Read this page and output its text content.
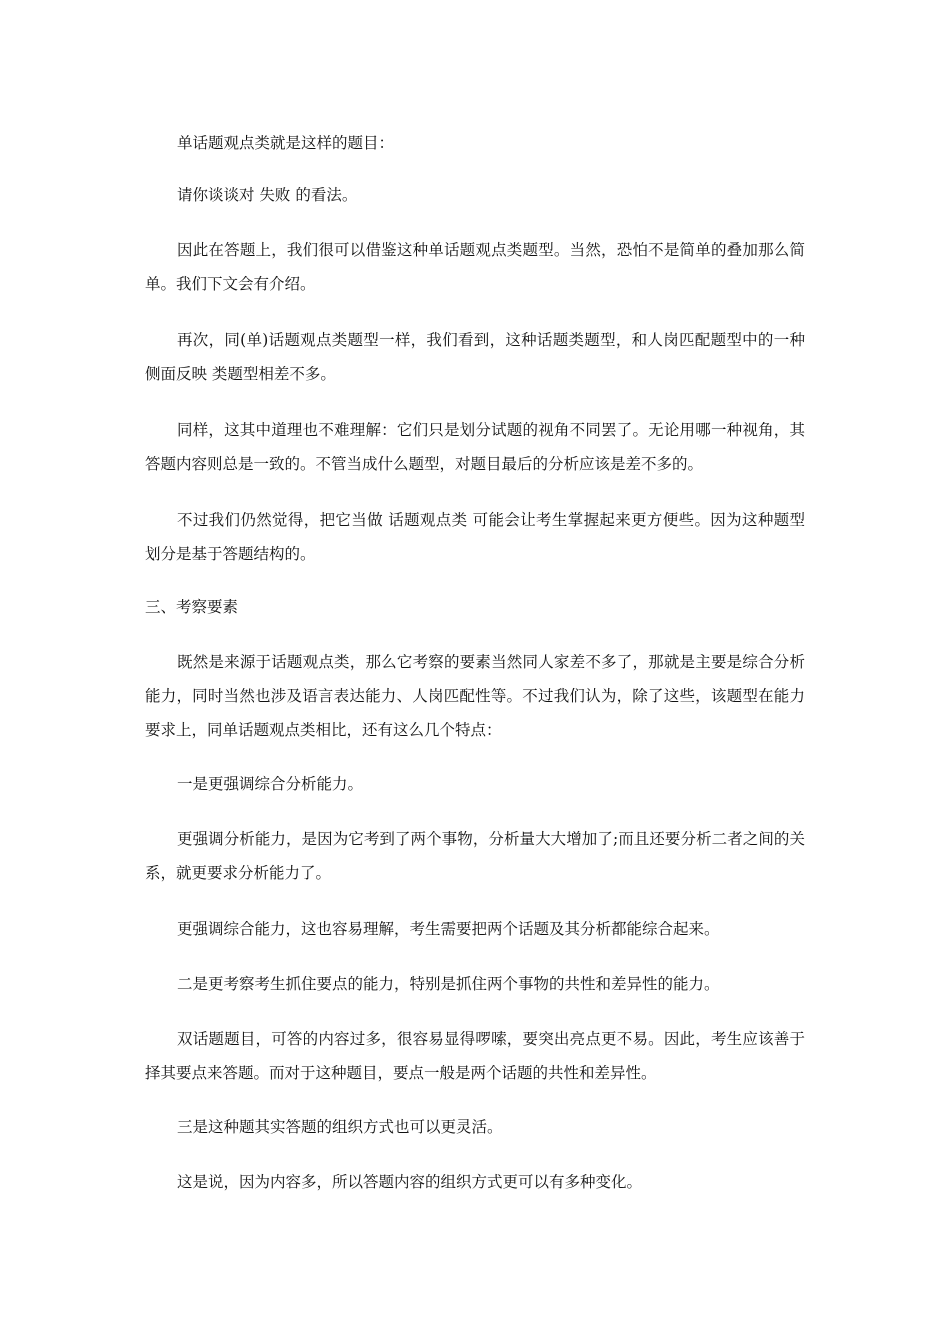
单话题观点类就是这样的题目：

请你谈谈对 失败 的看法。

因此在答题上，我们很可以借鉴这种单话题观点类题型。当然，恐怕不是简单的叠加那么简单。我们下文会有介绍。

再次，同(单)话题观点类题型一样，我们看到，这种话题类题型，和人岗匹配题型中的一种 侧面反映 类题型相差不多。

同样，这其中道理也不难理解：它们只是划分试题的视角不同罢了。无论用哪一种视角，其答题内容则总是一致的。不管当成什么题型，对题目最后的分析应该是差不多的。

不过我们仍然觉得，把它当做 话题观点类 可能会让考生掌握起来更方便些。因为这种题型划分是基于答题结构的。

三、考察要素

既然是来源于话题观点类，那么它考察的要素当然同人家差不多了，那就是主要是综合分析能力，同时当然也涉及语言表达能力、人岗匹配性等。不过我们认为，除了这些，该题型在能力要求上，同单话题观点类相比，还有这么几个特点：

一是更强调综合分析能力。

更强调分析能力，是因为它考到了两个事物，分析量大大增加了;而且还要分析二者之间的关系，就更要求分析能力了。

更强调综合能力，这也容易理解，考生需要把两个话题及其分析都能综合起来。

二是更考察考生抓住要点的能力，特别是抓住两个事物的共性和差异性的能力。

双话题题目，可答的内容过多，很容易显得啰嗦，要突出亮点更不易。因此，考生应该善于择其要点来答题。而对于这种题目，要点一般是两个话题的共性和差异性。

三是这种题其实答题的组织方式也可以更灵活。

这是说，因为内容多，所以答题内容的组织方式更可以有多种变化。
